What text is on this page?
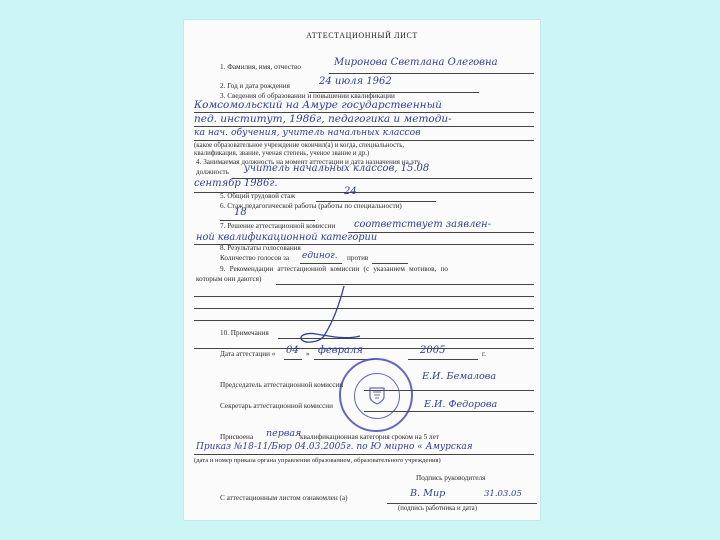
АТТЕСТАЦИОННЫЙ ЛИСТ
1. Фамилия, имя, отчество	Миронова Светлана Олеговна
2. Год и дата рождения	24 июля 1962
3. Сведения об образовании и повышении квалификации
Комсомольский на Амуре государственный
пед. институт, 1986г, педагогика и методи-
ка нач. обучения, учитель начальных классов
(какое образовательное учреждение окончил(а) и когда, специальность,
квалификация, звание, ученая степень, ученое звание и др.)
4. Занимаемая должность на момент аттестации и дата назначения на эту
должность учитель начальных классов, 15.08
сентябр 1986г.
5. Общий трудовой стаж	24
6. Стаж педагогической работы (работы по специальности)
18
7. Решение аттестационной комиссии соответствует заявлен-
ной квалификационной категории
8. Результаты голосования
Количество голосов за единог. против
9. Рекомендации аттестационной комиссии (с указанием мотивов, по
которым они даются)
10. Примечания
Дата аттестации « 04 » февраля	2005	г.
Председатель аттестационной комиссии
Е.И. Бемалова
Секретарь аттестационной комиссии	Е.И. Федорова
Присвоена первая
квалификационная категория сроком на 5 лет
Приказ №18-11/Бюр 04.03.2005г. по Ю мирно « Амурская
(дата и номер приказа органа управления образованием, образовательного учреждения)
Подпись руководителя
С аттестационным листом ознакомлен (а)	В. Мир	31.03.05
(подпись работника и дата)
